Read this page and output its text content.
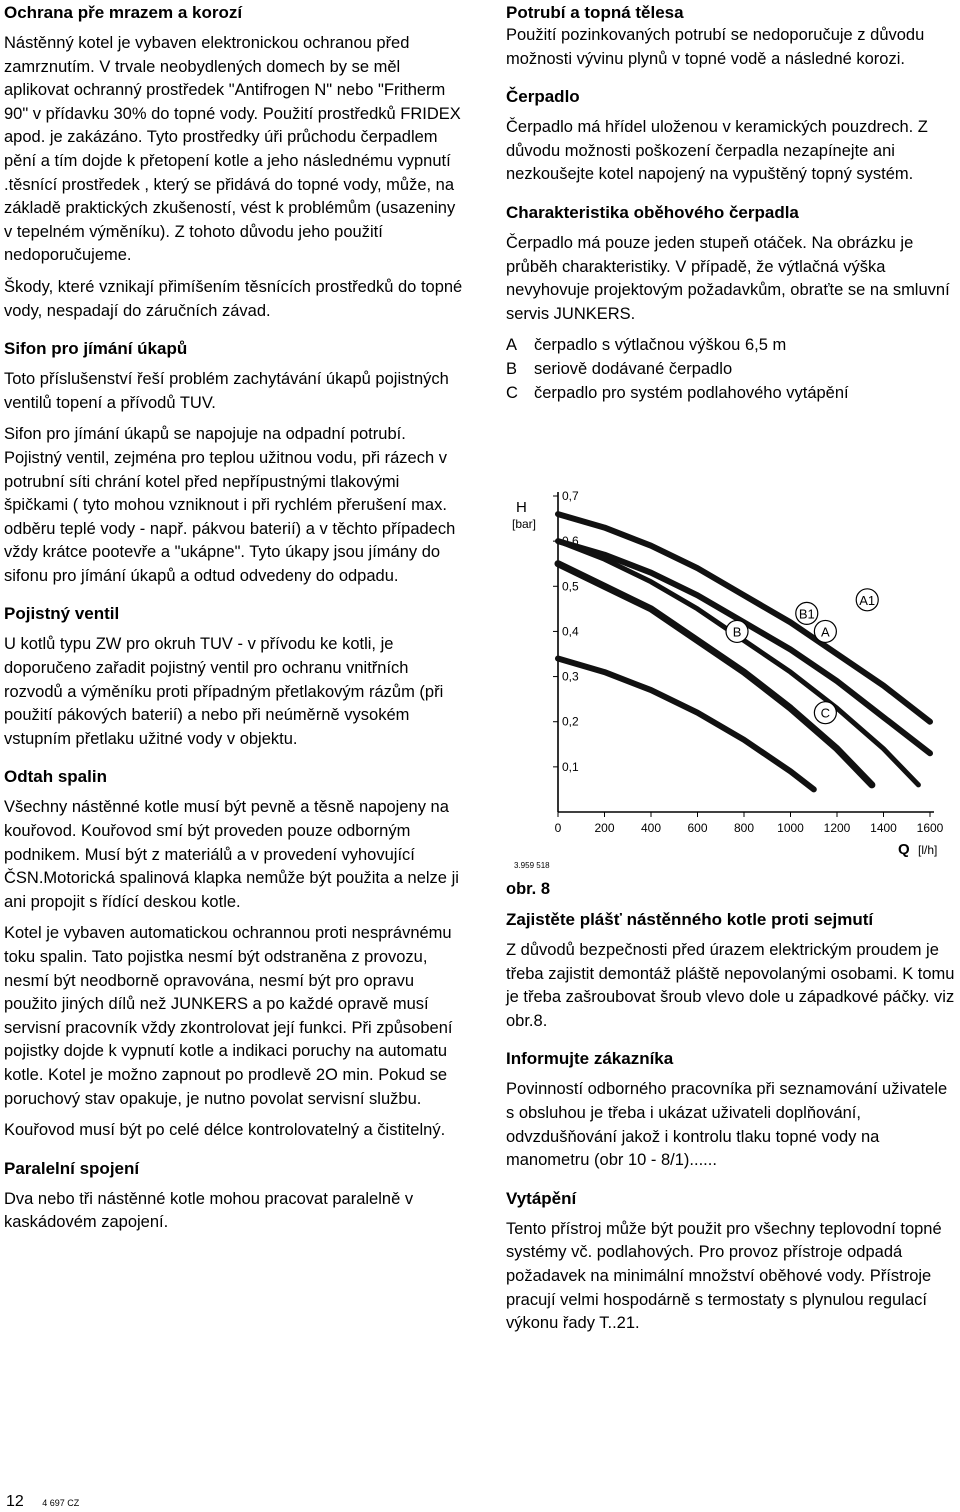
Ochrana pře mrazem a korozí

Nástěnný kotel je vybaven elektronickou ochranou před zamrznutím. V trvale neobydlených domech by se měl aplikovat ochranný prostředek "Antifrogen N" nebo "Fritherm 90" v přídavku 30% do topné vody. Použití prostředků FRIDEX apod. je zakázáno. Tyto prostředky úři průchodu čerpadlem pění a tím dojde k přetopení kotle a jeho následnému vypnutí .těsnící prostředek , který se přidává do topné vody, může, na základě praktických zkušeností, vést k problémům (usazeniny v tepelném výměníku). Z tohoto důvodu jeho použití nedoporučujeme.

Škody, které vznikají přimíšením těsnících prostředků do topné vody, nespadají do záručních závad.

Sifon pro jímání úkapů

Toto příslušenství řeší problém zachytávání úkapů pojistných ventilů topení a přívodů TUV.

Sifon pro jímání úkapů se napojuje na odpadní potrubí. Pojistný ventil, zejména pro teplou užitnou vodu, při rázech v potrubní síti chrání kotel před nepřípustnými tlakovými špičkami ( tyto mohou vzniknout i při rychlém přerušení max. odběru teplé vody - např. pákvou baterií) a v těchto případech vždy krátce pootevře a "ukápne". Tyto úkapy jsou jímány do sifonu pro jímání úkapů a odtud odvedeny do odpadu.

Pojistný ventil

U kotlů typu ZW pro okruh TUV - v přívodu ke kotli, je doporučeno zařadit pojistný ventil pro ochranu vnitřních rozvodů a výměníku proti případným přetlakovým rázům (při použití pákových baterií) a nebo při neúměrně vysokém vstupním přetlaku užitné vody v objektu.

Odtah spalin

Všechny nástěnné kotle musí být pevně a těsně napojeny na kouřovod. Kouřovod smí být proveden pouze odborným podnikem. Musí být z materiálů a v provedení vyhovující ČSN.Motorická spalinová klapka nemůže být použita a nelze ji ani propojit s řídící deskou kotle.

Kotel je vybaven automatickou ochrannou proti nesprávnému toku spalin. Tato pojistka nesmí být odstraněna z provozu, nesmí být neodborně opravována, nesmí být pro opravu použito jiných dílů než JUNKERS a po každé opravě musí servisní pracovník vždy zkontrolovat její funkci. Při způsobení pojistky dojde k vypnutí kotle a indikaci poruchy na automatu kotle. Kotel je možno zapnout po prodlevě 2O min. Pokud se poruchový stav opakuje, je nutno povolat servisní službu.

Kouřovod musí být po celé délce kontrolovatelný a čistitelný.

Paralelní spojení

Dva nebo tři nástěnné kotle mohou pracovat paralelně v kaskádovém zapojení.

Potrubí a topná tělesa

Použití pozinkovaných potrubí se nedoporučuje z důvodu možnosti vývinu plynů v topné vodě a následné korozi.

Čerpadlo

Čerpadlo má hřídel uloženou v keramických pouzdrech. Z důvodu možnosti poškození čerpadla nezapínejte ani nezkoušejte kotel napojený na vypuštěný topný systém.

Charakteristika oběhového čerpadla

Čerpadlo má pouze jeden stupeň otáček. Na obrázku je průběh charakteristiky. V případě, že výtlačná výška nevyhovuje projektovým požadavkům, obraťte se na smluvní servis JUNKERS.

A	čerpadlo s výtlačnou výškou 6,5 m
B	seriově dodávané čerpadlo
C čerpadlo pro systém podlahového vytápění
0	200 400 600 800 1000 1200 1400 1600
0,1
0,2
0,3
0,4
0,5
0,6
0,7
H
[bar]
Q [l/h]
3.959 518
A1
B1
A
B
C
obr. 8
Zajistěte plášť nástěnného kotle proti sejmutí

Z důvodů bezpečnosti před úrazem elektrickým proudem je třeba zajistit demontáž pláště nepovolanými osobami. K tomu je třeba zašroubovat šroub vlevo dole u západkové páčky. viz obr.8.

Informujte zákazníka

Povinností odborného pracovníka při seznamování uživatele s obsluhou je třeba i ukázat uživateli doplňování, odvzdušňování jakož i kontrolu tlaku topné vody na manometru (obr 10 - 8/1)......

Vytápění

Tento přístroj může být použit pro všechny teplovodní topné systémy vč. podlahových. Pro provoz přístroje odpadá požadavek na minimální množství oběhové vody. Přístroje pracují velmi hospodárně s termostaty s plynulou regulací výkonu řady T..21.

12 4 697 CZ
